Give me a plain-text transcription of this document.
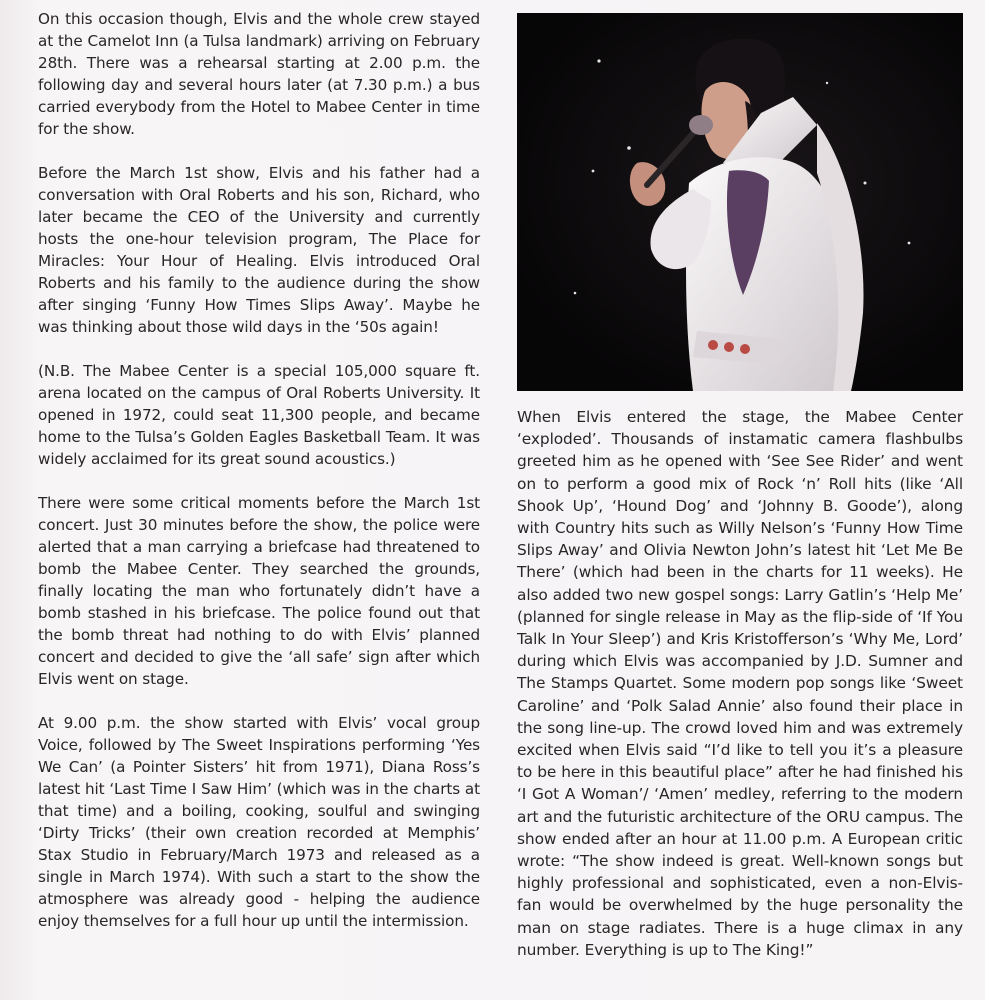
On this occasion though, Elvis and the whole crew stayed at the Camelot Inn (a Tulsa landmark) arriving on February 28th. There was a rehearsal starting at 2.00 p.m. the following day and several hours later (at 7.30 p.m.) a bus carried everybody from the Hotel to Mabee Center in time for the show.

Before the March 1st show, Elvis and his father had a conversation with Oral Roberts and his son, Richard, who later became the CEO of the University and currently hosts the one-hour television program, The Place for Miracles: Your Hour of Healing. Elvis introduced Oral Roberts and his family to the audience during the show after singing ‘Funny How Times Slips Away’. Maybe he was thinking about those wild days in the ‘50s again!

(N.B. The Mabee Center is a special 105,000 square ft. arena located on the campus of Oral Roberts University. It opened in 1972, could seat 11,300 people, and became home to the Tulsa’s Golden Eagles Basketball Team. It was widely acclaimed for its great sound acoustics.)

There were some critical moments before the March 1st concert. Just 30 minutes before the show, the police were alerted that a man carrying a briefcase had threatened to bomb the Mabee Center. They searched the grounds, finally locating the man who fortunately didn’t have a bomb stashed in his briefcase. The police found out that the bomb threat had nothing to do with Elvis’ planned concert and decided to give the ‘all safe’ sign after which Elvis went on stage.

At 9.00 p.m. the show started with Elvis’ vocal group Voice, followed by The Sweet Inspirations performing ‘Yes We Can’ (a Pointer Sisters’ hit from 1971), Diana Ross’s latest hit ‘Last Time I Saw Him’ (which was in the charts at that time) and a boiling, cooking, soulful and swinging ‘Dirty Tricks’ (their own creation recorded at Memphis’ Stax Studio in February/March 1973 and released as a single in March 1974). With such a start to the show the atmosphere was already good - helping the audience enjoy themselves for a full hour up until the intermission.

When Elvis entered the stage, the Mabee Center ‘exploded’. Thousands of instamatic camera flashbulbs greeted him as he opened with ‘See See Rider’ and went on to perform a good mix of Rock ‘n’ Roll hits (like ‘All Shook Up’, ‘Hound Dog’ and ‘Johnny B. Goode’), along with Country hits such as Willy Nelson’s ‘Funny How Time Slips Away’ and Olivia Newton John’s latest hit ‘Let Me Be There’ (which had been in the charts for 11 weeks). He also added two new gospel songs: Larry Gatlin’s ‘Help Me’ (planned for single release in May as the flip-side of ‘If You Talk In Your Sleep’) and Kris Kristofferson’s ‘Why Me, Lord’ during which Elvis was accompanied by J.D. Sumner and The Stamps Quartet. Some modern pop songs like ‘Sweet Caroline’ and ‘Polk Salad Annie’ also found their place in the song line-up. The crowd loved him and was extremely excited when Elvis said “I’d like to tell you it’s a pleasure to be here in this beautiful place” after he had finished his ‘I Got A Woman’/ ‘Amen’ medley, referring to the modern art and the futuristic architecture of the ORU campus. The show ended after an hour at 11.00 p.m. A European critic wrote: “The show indeed is great. Well-known songs but highly professional and sophisticated, even a non-Elvis-fan would be overwhelmed by the huge personality the man on stage radiates. There is a huge climax in any number. Everything is up to The King!”
